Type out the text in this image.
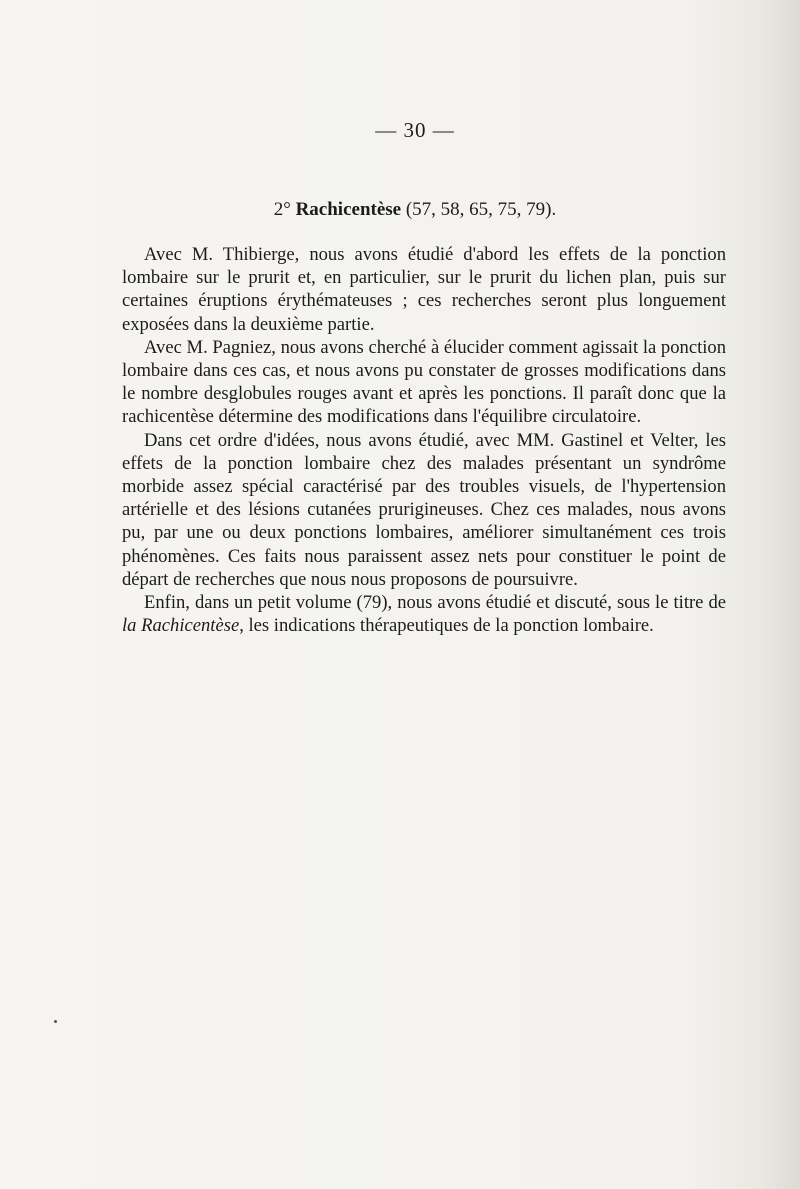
— 30 —
2° Rachicentèse (57, 58, 65, 75, 79).

Avec M. Thibierge, nous avons étudié d'abord les effets de la ponction lombaire sur le prurit et, en particulier, sur le prurit du lichen plan, puis sur certaines éruptions érythémateuses ; ces recherches seront plus longuement exposées dans la deuxième partie.

Avec M. Pagniez, nous avons cherché à élucider comment agissait la ponction lombaire dans ces cas, et nous avons pu constater de grosses modifications dans le nombre desglobules rouges avant et après les ponctions. Il paraît donc que la rachicentèse détermine des modifications dans l'équilibre circulatoire.

Dans cet ordre d'idées, nous avons étudié, avec MM. Gastinel et Velter, les effets de la ponction lombaire chez des malades présentant un syndrôme morbide assez spécial caractérisé par des troubles visuels, de l'hypertension artérielle et des lésions cutanées prurigineuses. Chez ces malades, nous avons pu, par une ou deux ponctions lombaires, améliorer simultanément ces trois phénomènes. Ces faits nous paraissent assez nets pour constituer le point de départ de recherches que nous nous proposons de poursuivre.

Enfin, dans un petit volume (79), nous avons étudié et discuté, sous le titre de la Rachicentèse, les indications thérapeutiques de la ponction lombaire.
